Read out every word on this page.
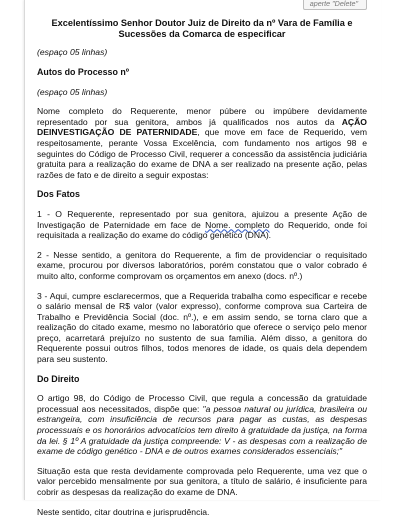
aperte "Delete"
Excelentíssimo Senhor Doutor Juiz de Direito da nº Vara de Família e Sucessões da Comarca de especificar
(espaço 05 linhas)
Autos do Processo nº
(espaço 05 linhas)

Nome completo do Requerente, menor púbere ou impúbere devidamente representado por sua genitora, ambos já qualificados nos autos da AÇÃO DEINVESTIGAÇÃO DE PATERNIDADE, que move em face de Requerido, vem respeitosamente, perante Vossa Excelência, com fundamento nos artigos 98 e seguintes do Código de Processo Civil, requerer a concessão da assistência judiciária gratuita para a realização do exame de DNA a ser realizado na presente ação, pelas razões de fato e de direito a seguir expostas:

Dos Fatos

1 - O Requerente, representado por sua genitora, ajuizou a presente Ação de Investigação de Paternidade em face de Nome. completo do Requerido, onde foi requisitada a realização do exame do código genético (DNA).

2 - Nesse sentido, a genitora do Requerente, a fim de providenciar o requisitado exame, procurou por diversos laboratórios, porém constatou que o valor cobrado é muito alto, conforme comprovam os orçamentos em anexo (docs. nº.)

3 - Aqui, cumpre esclarecermos, que a Requerida trabalha como especificar e recebe o salário mensal de R$ valor (valor expresso), conforme comprova sua Carteira de Trabalho e Previdência Social (doc. nº.), e em assim sendo, se torna claro que a realização do citado exame, mesmo no laboratório que oferece o serviço pelo menor preço, acarretará prejuízo no sustento de sua família. Além disso, a genitora do Requerente possui outros filhos, todos menores de idade, os quais dela dependem para seu sustento.

Do Direito

O artigo 98, do Código de Processo Civil, que regula a concessão da gratuidade processual aos necessitados, dispõe que: "a pessoa natural ou jurídica, brasileira ou estrangeira, com insuficiência de recursos para pagar as custas, as despesas processuais e os honorários advocatícios tem direito à gratuidade da justiça, na forma da lei. § 1º A gratuidade da justiça compreende: V - as despesas com a realização de exame de código genético - DNA e de outros exames considerados essenciais;"

Situação esta que resta devidamente comprovada pelo Requerente, uma vez que o valor percebido mensalmente por sua genitora, a título de salário, é insuficiente para cobrir as despesas da realização do exame de DNA.

Neste sentido, citar doutrina e jurisprudência.
